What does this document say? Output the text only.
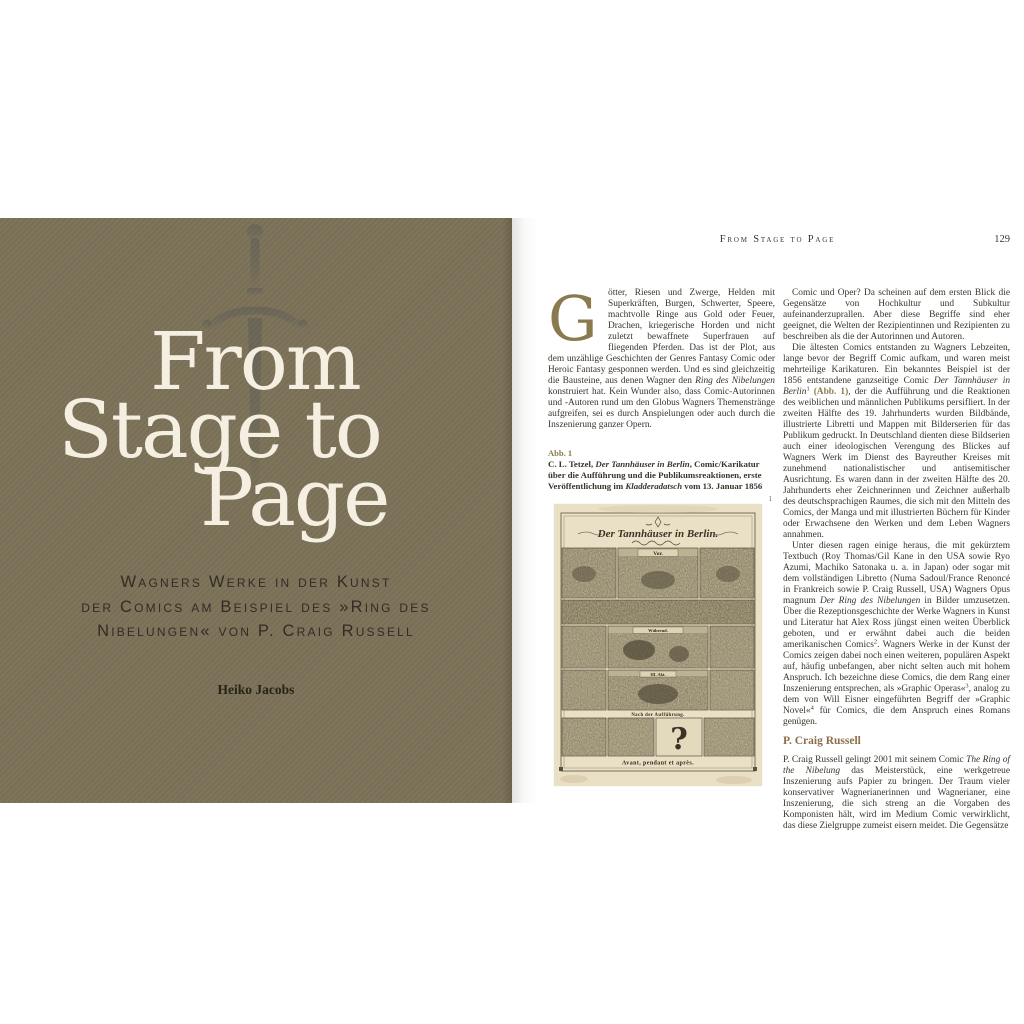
From
Stage to
Page
Wagners Werke in der Kunst
der Comics am Beispiel des »Ring des
Nibelungen« von P. Craig Russell
Heiko Jacobs
From Stage to Page	129

G	ötter, Riesen und Zwerge, Helden mit Superkräften, Burgen, Schwerter, Speere, machtvolle Ringe aus Gold oder Feuer, Drachen, kriegerische Horden und nicht zuletzt bewaffnete Superfrauen auf fliegenden Pferden. Das ist der Plot, aus dem unzählige Geschichten der Genres Fantasy Comic oder Heroic Fantasy gesponnen werden. Und es sind gleichzeitig die Bausteine, aus denen Wagner den Ring des Nibelungen konstruiert hat. Kein Wunder also, dass Comic-Autorinnen und -Autoren rund um den Globus Wagners Themenstränge aufgreifen, sei es durch Anspielungen oder auch durch die Inszenierung ganzer Opern.

Abb. 1

C. L. Tetzel, Der Tannhäuser in Berlin, Comic/Karikatur über die Aufführung und die Publikumsreaktionen, erste Veröffentlichung im Kladderadatsch vom 13. Januar 1856

1
Der Tannhäuser in Berlin.
Vor.
Während.
III. Akt.
Nach der Aufführung.
?
Avant, pendant et après.

Comic und Oper? Da scheinen auf dem ersten Blick die Gegensätze von Hochkultur und Subkultur aufeinanderzuprallen. Aber diese Begriffe sind eher geeignet, die Welten der Rezipientinnen und Rezipienten zu beschreiben als die der Autorinnen und Autoren.

Die ältesten Comics entstanden zu Wagners Lebzeiten, lange bevor der Begriff Comic aufkam, und waren meist mehrteilige Karikaturen. Ein bekanntes Beispiel ist der 1856 entstandene ganzseitige Comic Der Tannhäuser in Berlin$^1$ (Abb. 1), der die Aufführung und die Reaktionen des weiblichen und männlichen Publikums persifliert. In der zweiten Hälfte des 19. Jahrhunderts wurden Bildbände, illustrierte Libretti und Mappen mit Bilderserien für das Publikum gedruckt. In Deutschland dienten diese Bildserien auch einer ideologischen Verengung des Blickes auf Wagners Werk im Dienst des Bayreuther Kreises mit zunehmend nationalistischer und antisemitischer Ausrichtung. Es waren dann in der zweiten Hälfte des 20. Jahrhunderts eher Zeichnerinnen und Zeichner außerhalb des deutschsprachigen Raumes, die sich mit den Mitteln des Comics, der Manga und mit illustrierten Büchern für Kinder oder Erwachsene den Werken und dem Leben Wagners annahmen.

Unter diesen ragen einige heraus, die mit gekürztem Textbuch (Roy Thomas/Gil Kane in den USA sowie Ryo Azumi, Machiko Satonaka u. a. in Japan) oder sogar mit dem vollständigen Libretto (Numa Sadoul/France Renoncé in Frankreich sowie P. Craig Russell, USA) Wagners Opus magnum Der Ring des Nibelungen in Bilder umzusetzen. Über die Rezeptionsgeschichte der Werke Wagners in Kunst und Literatur hat Alex Ross jüngst einen weiten Überblick geboten, und er erwähnt dabei auch die beiden amerikanischen Comics$^2$. Wagners Werke in der Kunst der Comics zeigen dabei noch einen weiteren, populären Aspekt auf, häufig unbefangen, aber nicht selten auch mit hohem Anspruch. Ich bezeichne diese Comics, die dem Rang einer Inszenierung entsprechen, als »Graphic Operas«$^3$, analog zu dem von Will Eisner eingeführten Begriff der »Graphic Novel«$^4$ für Comics, die dem Anspruch eines Romans genügen.

P. Craig Russell

P. Craig Russell gelingt 2001 mit seinem Comic The Ring of the Nibelung das Meisterstück, eine werkgetreue Inszenierung aufs Papier zu bringen. Der Traum vieler konservativer Wagnerianerinnen und Wagnerianer, eine Inszenierung, die sich streng an die Vorgaben des Komponisten hält, wird im Medium Comic verwirklicht, das diese Zielgruppe zumeist eisern meidet. Die Gegensätze
